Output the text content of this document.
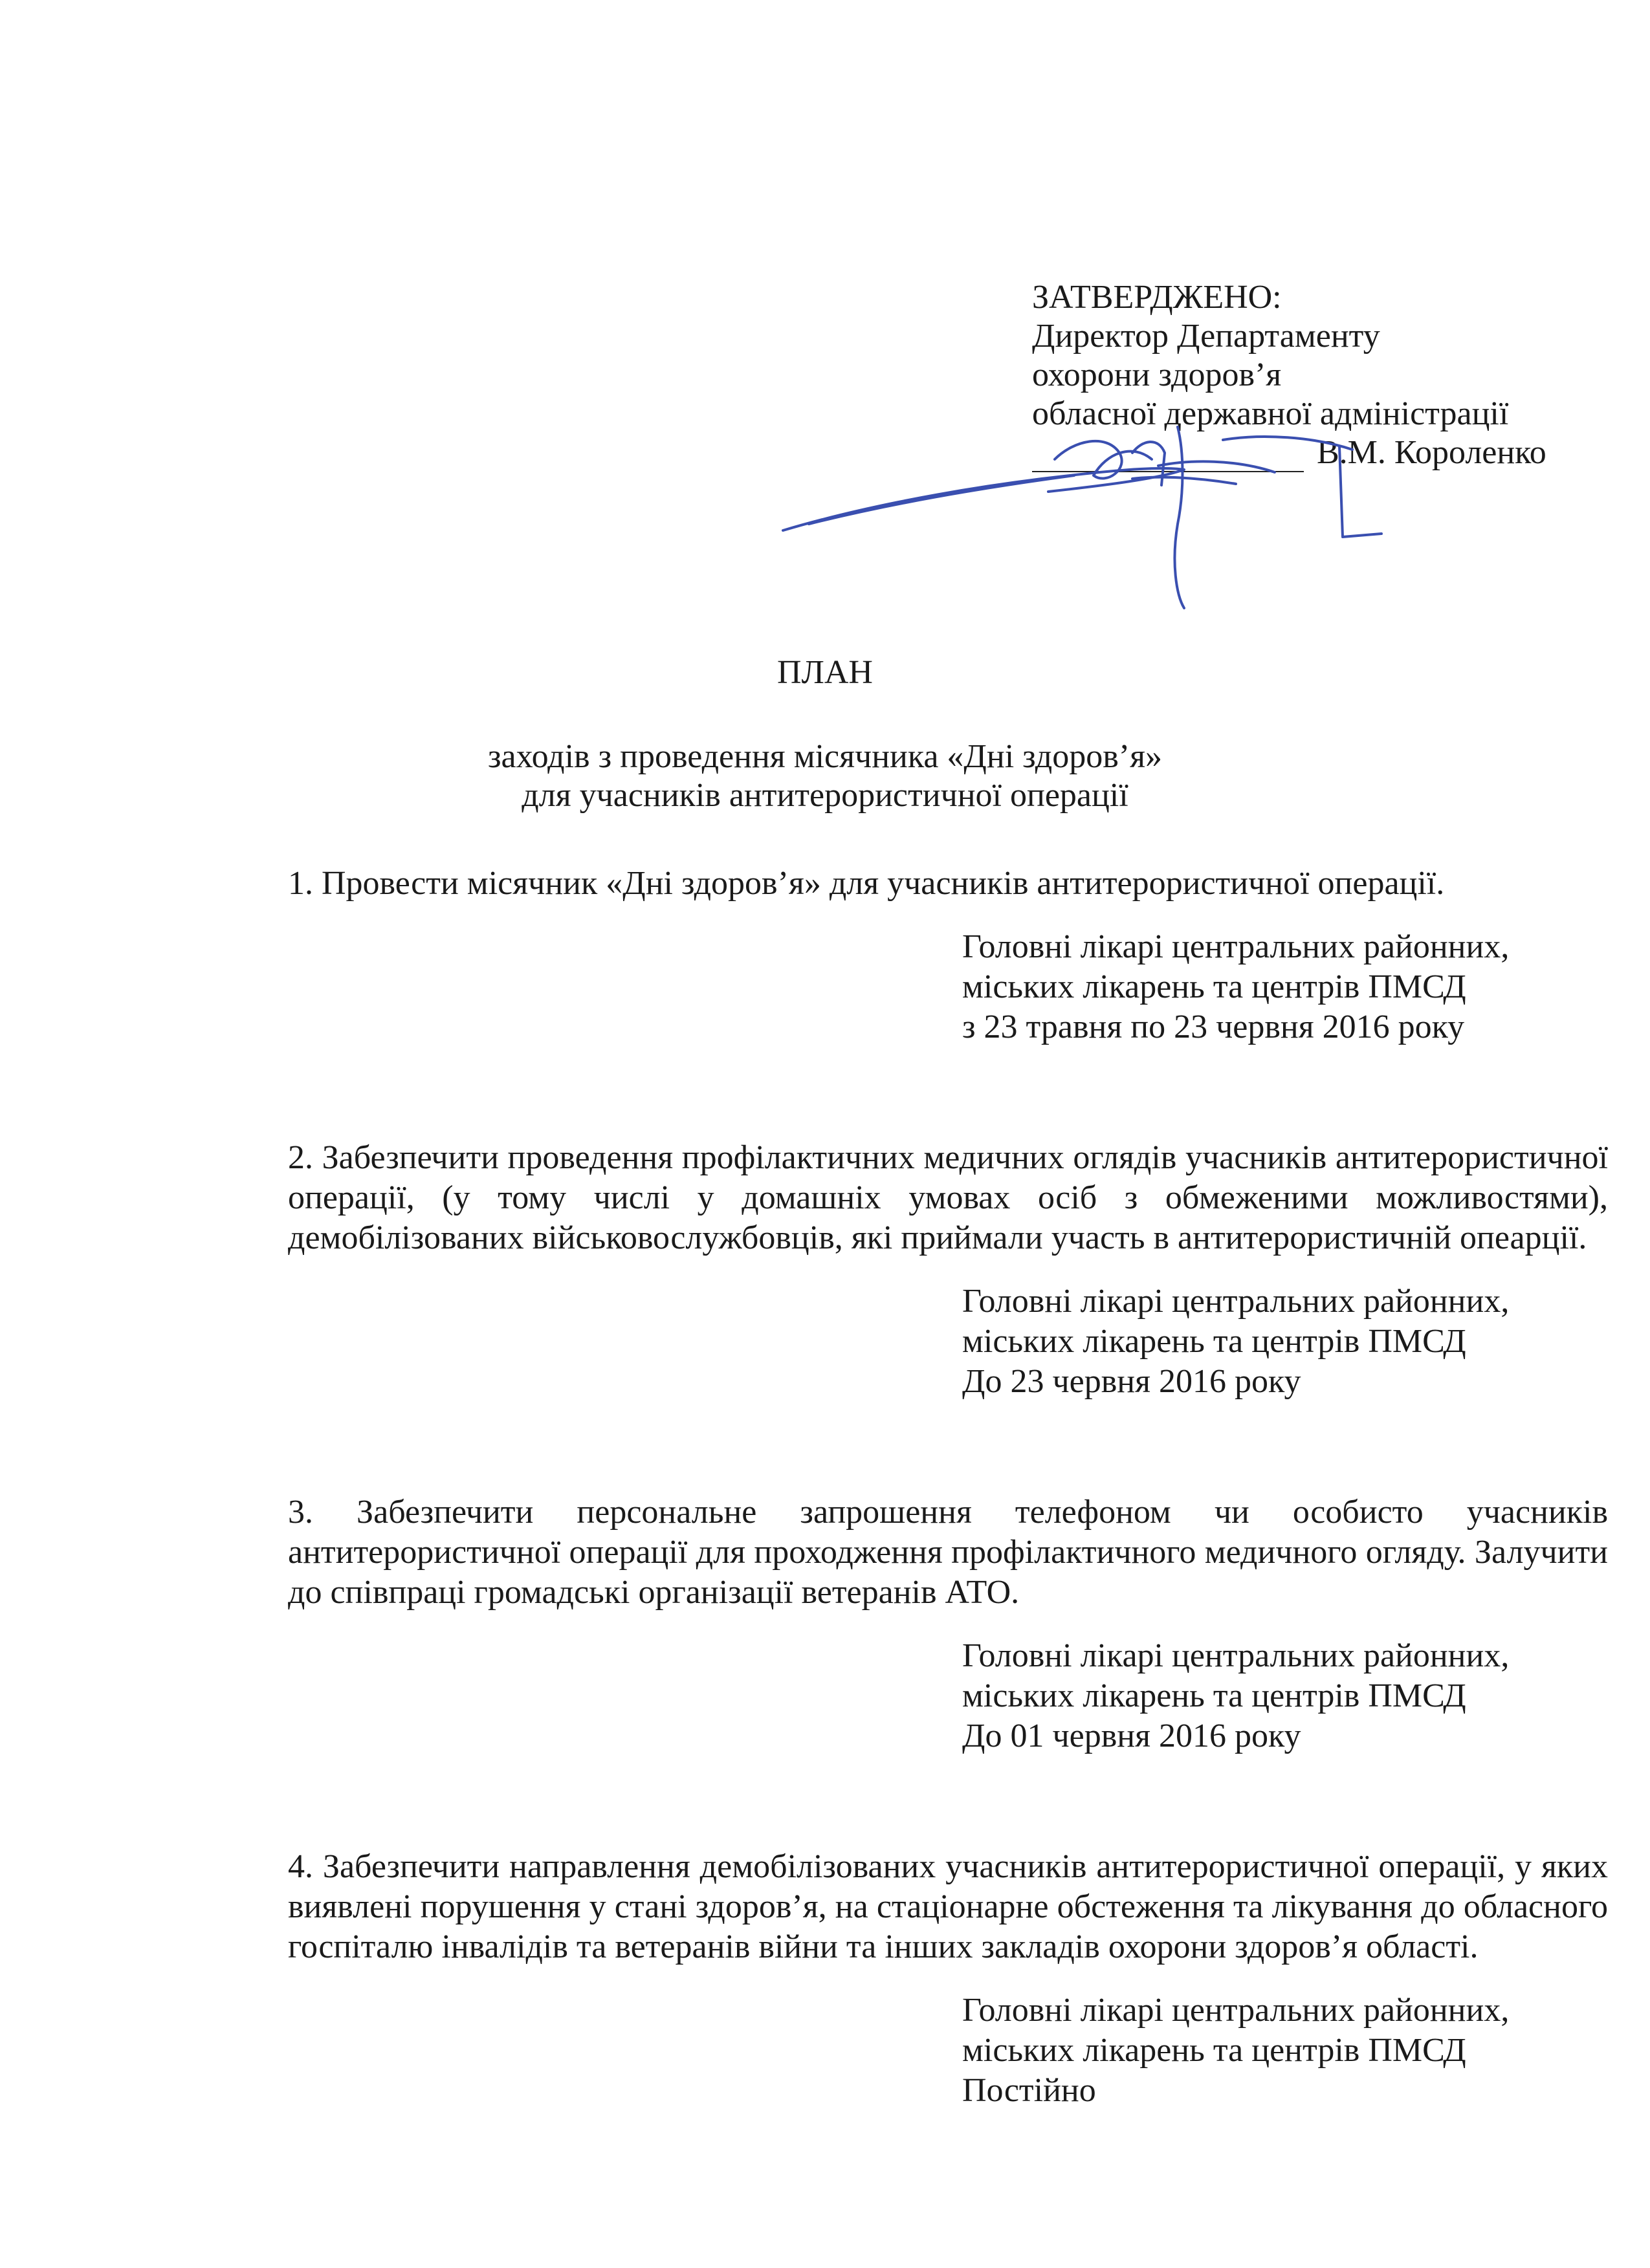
ЗАТВЕРДЖЕНО:
Директор Департаменту
охорони здоров’я
обласної державної адміністрації
В.М. Короленко
ПЛАН
заходів з проведення місячника «Дні здоров’я»
для учасників антитерористичної операції
1. Провести місячник «Дні здоров’я» для учасників антитерористичної операції.
Головні лікарі центральних районних,
міських лікарень та центрів ПМСД
з 23 травня по 23 червня 2016 року
2. Забезпечити проведення профілактичних медичних оглядів учасників антитерористичної операції, (у тому числі у домашніх умовах осіб з обмеженими можливостями), демобілізованих військовослужбовців, які приймали участь в антитерористичній опеарції.
Головні лікарі центральних районних,
міських лікарень та центрів ПМСД
До 23 червня 2016 року
3. Забезпечити персональне запрошення телефоном чи особисто учасників антитерористичної операції для проходження профілактичного медичного огляду. Залучити до співпраці громадські організації ветеранів АТО.
Головні лікарі центральних районних,
міських лікарень та центрів ПМСД
До 01 червня 2016 року
4. Забезпечити направлення демобілізованих учасників антитерористичної операції, у яких виявлені порушення у стані здоров’я, на стаціонарне обстеження та лікування до обласного госпіталю інвалідів та ветеранів війни та інших закладів охорони здоров’я області.
Головні лікарі центральних районних,
міських лікарень та центрів ПМСД
Постійно
